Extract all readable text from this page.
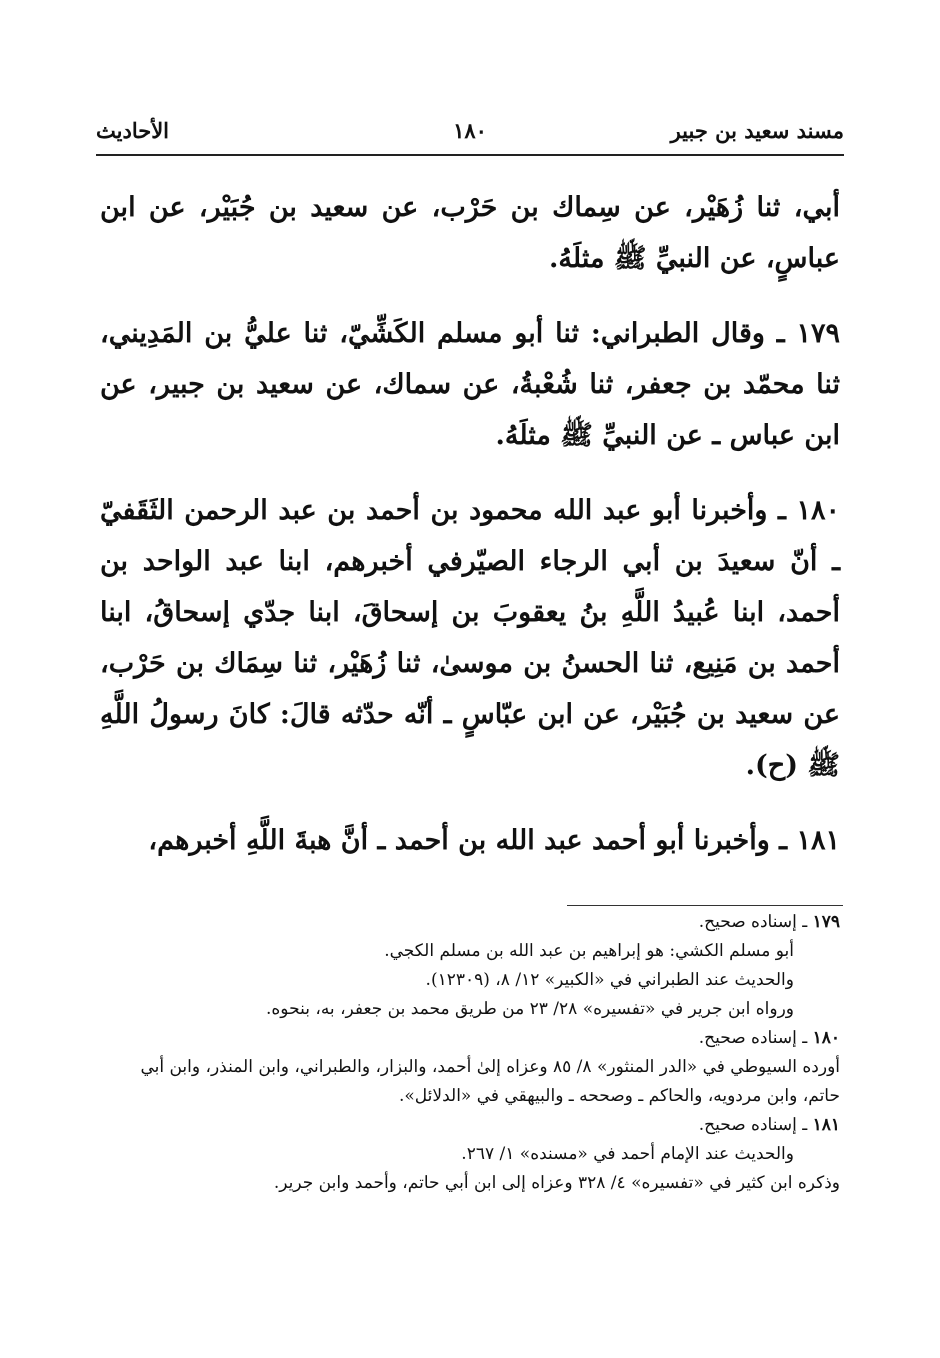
مسند سعيد بن جبير
١٨٠
الأحاديث

أبي، ثنا زُهَيْر، عن سِماك بن حَرْب، عن سعيد بن جُبَيْر، عن ابن عباسٍ، عن النبيِّ ﷺ مثلَهُ.

١٧٩ ـ وقال الطبراني: ثنا أبو مسلم الكَشِّيّ، ثنا عليُّ بن المَدِيني، ثنا محمّد بن جعفر، ثنا شُعْبةُ، عن سماك، عن سعيد بن جبير، عن ابن عباس ـ عن النبيِّ ﷺ مثلَهُ.

١٨٠ ـ وأخبرنا أبو عبد الله محمود بن أحمد بن عبد الرحمن الثَقَفيّ ـ أنّ سعيدَ بن أبي الرجاء الصيّرفي أخبرهم، ابنا عبد الواحد بن أحمد، ابنا عُبيدُ اللَّهِ بنُ يعقوبَ بن إسحاقَ، ابنا جدّي إسحاقُ، ابنا أحمد بن مَنِيع، ثنا الحسنُ بن موسىٰ، ثنا زُهَيْر، ثنا سِمَاك بن حَرْب، عن سعيد بن جُبَيْر، عن ابن عبّاسٍ ـ أنّه حدّثه قالَ: كانَ رسولُ اللَّهِ ﷺ (ح).

١٨١ ـ وأخبرنا أبو أحمد عبد الله بن أحمد ـ أنَّ هبةَ اللَّهِ أخبرهم،

١٧٩ ـ إسناده صحيح.

أبو مسلم الكشي: هو إبراهيم بن عبد الله بن مسلم الكجي.

والحديث عند الطبراني في «الكبير» ١٢/ ٨، (١٢٣٠٩).

ورواه ابن جرير في «تفسيره» ٢٨/ ٢٣ من طريق محمد بن جعفر، به، بنحوه.

١٨٠ ـ إسناده صحيح.

أورده السيوطي في «الدر المنثور» ٨/ ٨٥ وعزاه إلىٰ أحمد، والبزار، والطبراني، وابن المنذر، وابن أبي حاتم، وابن مردويه، والحاكم ـ وصححه ـ والبيهقي في «الدلائل».

١٨١ ـ إسناده صحيح.

والحديث عند الإمام أحمد في «مسنده» ١/ ٢٦٧.

وذكره ابن كثير في «تفسيره» ٤/ ٣٢٨ وعزاه إلى ابن أبي حاتم، وأحمد وابن جرير.
